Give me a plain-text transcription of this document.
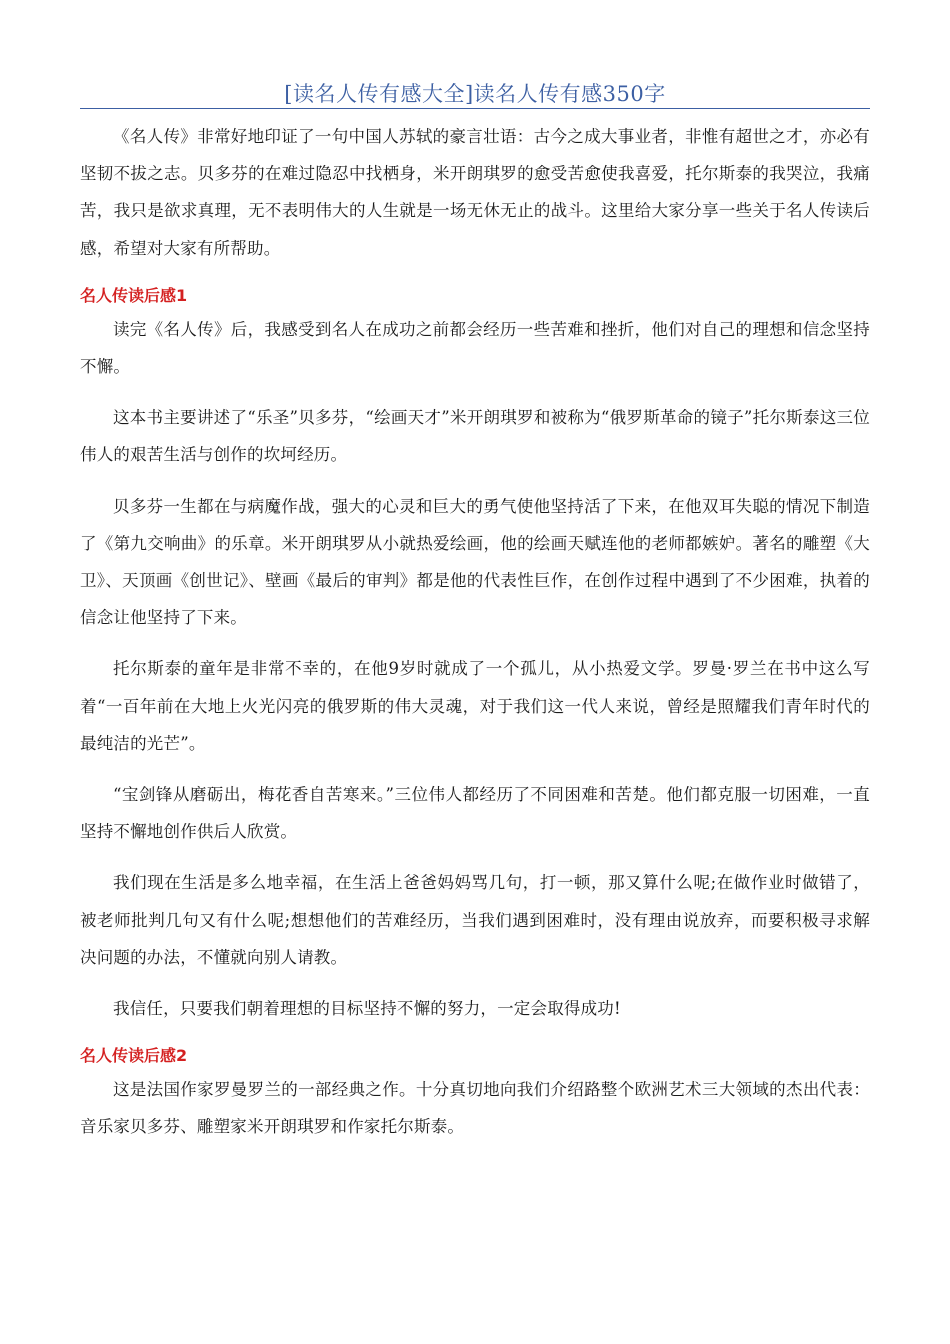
[读名人传有感大全]读名人传有感350字

《名人传》非常好地印证了一句中国人苏轼的豪言壮语：古今之成大事业者，非惟有超世之才，亦必有坚韧不拔之志。贝多芬的在难过隐忍中找栖身，米开朗琪罗的愈受苦愈使我喜爱，托尔斯泰的我哭泣，我痛苦，我只是欲求真理，无不表明伟大的人生就是一场无休无止的战斗。这里给大家分享一些关于名人传读后感，希望对大家有所帮助。

名人传读后感1

读完《名人传》后，我感受到名人在成功之前都会经历一些苦难和挫折，他们对自己的理想和信念坚持不懈。

这本书主要讲述了“乐圣”贝多芬，“绘画天才”米开朗琪罗和被称为“俄罗斯革命的镜子”托尔斯泰这三位伟人的艰苦生活与创作的坎坷经历。

贝多芬一生都在与病魔作战，强大的心灵和巨大的勇气使他坚持活了下来，在他双耳失聪的情况下制造了《第九交响曲》的乐章。米开朗琪罗从小就热爱绘画，他的绘画天赋连他的老师都嫉妒。著名的雕塑《大卫》、天顶画《创世记》、壁画《最后的审判》都是他的代表性巨作，在创作过程中遇到了不少困难，执着的信念让他坚持了下来。

托尔斯泰的童年是非常不幸的，在他9岁时就成了一个孤儿，从小热爱文学。罗曼·罗兰在书中这么写着“一百年前在大地上火光闪亮的俄罗斯的伟大灵魂，对于我们这一代人来说，曾经是照耀我们青年时代的最纯洁的光芒”。

“宝剑锋从磨砺出，梅花香自苦寒来。”三位伟人都经历了不同困难和苦楚。他们都克服一切困难，一直坚持不懈地创作供后人欣赏。

我们现在生活是多么地幸福，在生活上爸爸妈妈骂几句，打一顿，那又算什么呢;在做作业时做错了，被老师批判几句又有什么呢;想想他们的苦难经历，当我们遇到困难时，没有理由说放弃，而要积极寻求解决问题的办法，不懂就向别人请教。

我信任，只要我们朝着理想的目标坚持不懈的努力，一定会取得成功!

名人传读后感2

这是法国作家罗曼罗兰的一部经典之作。十分真切地向我们介绍路整个欧洲艺术三大领域的杰出代表：音乐家贝多芬、雕塑家米开朗琪罗和作家托尔斯泰。
